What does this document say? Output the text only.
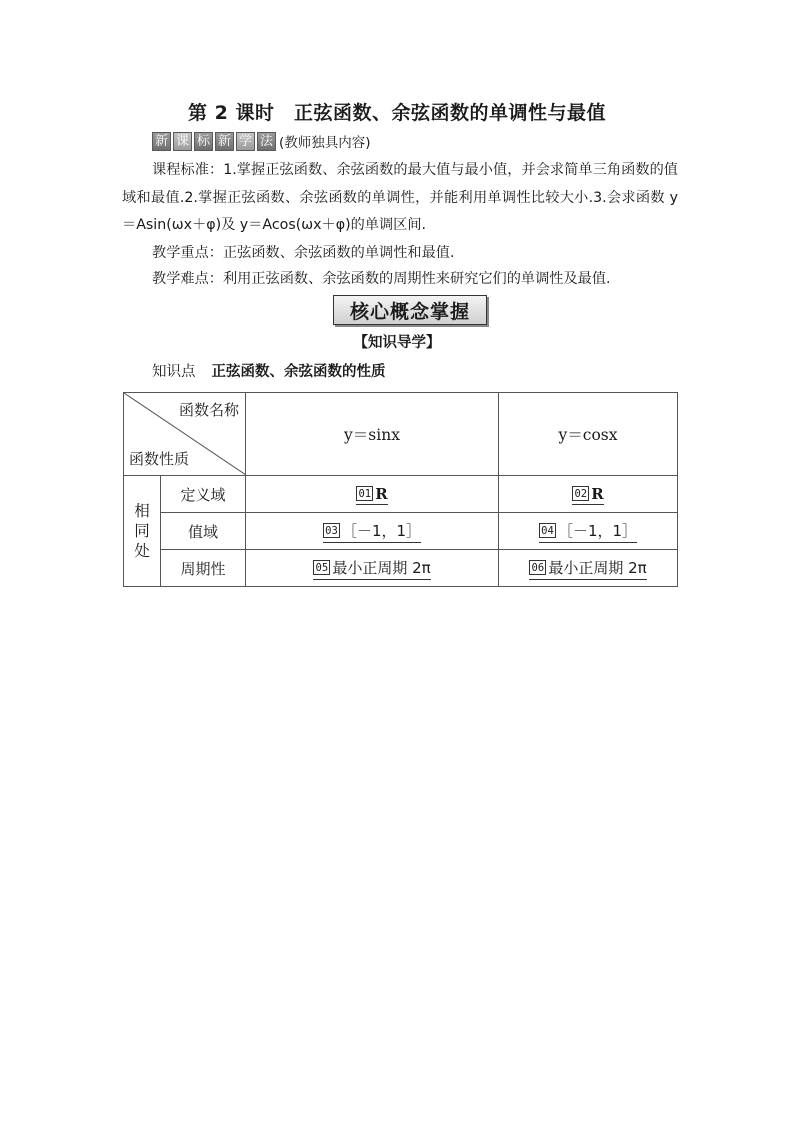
第 2 课时　正弦函数、余弦函数的单调性与最值
新 课 标 新 学 法 (教师独具内容)
课程标准：1.掌握正弦函数、余弦函数的最大值与最小值，并会求简单三角函数的值域和最值.2.掌握正弦函数、余弦函数的单调性，并能利用单调性比较大小.3.会求函数 y＝Asin(ωx＋φ)及 y＝Acos(ωx＋φ)的单调区间.
教学重点：正弦函数、余弦函数的单调性和最值.
教学难点：利用正弦函数、余弦函数的周期性来研究它们的单调性及最值.
核心概念掌握
【知识导学】
知识点 正弦函数、余弦函数的性质
函数名称
函数性质		y＝sinx	y＝cosx
相
同
处	定义域	01 R	02 R

	值域	03 ［－1，1］	04 ［－1，1］

	周期性	05 最小正周期 2π	06 最小正周期 2π
